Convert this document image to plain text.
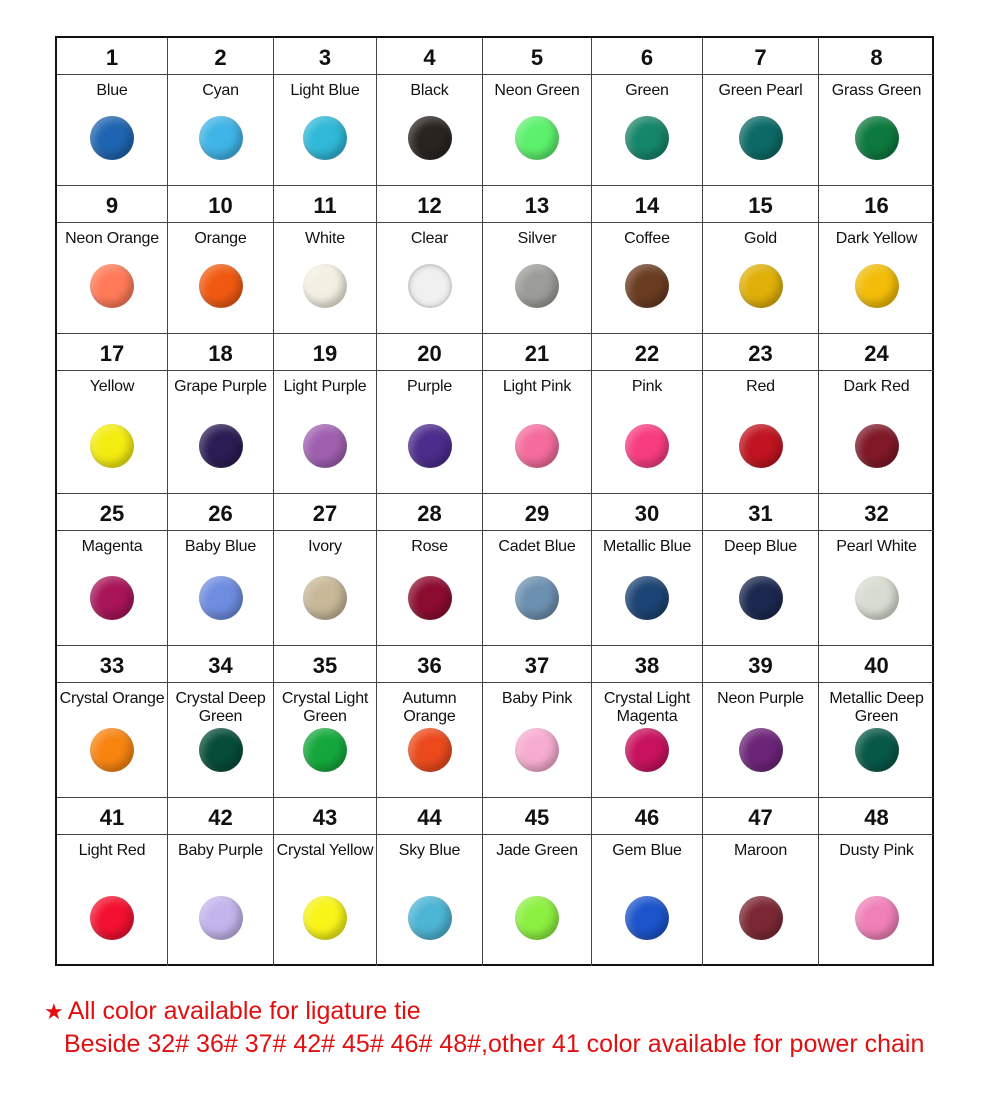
1
Blue
2
Cyan
3
Light Blue
4
Black
5
Neon Green
6
Green
7
Green Pearl
8
Grass Green
9
Neon Orange
10
Orange
11
White
12
Clear
13
Silver
14
Coffee
15
Gold
16
Dark Yellow
17
Yellow
18
Grape Purple
19
Light Purple
20
Purple
21
Light Pink
22
Pink
23
Red
24
Dark Red
25
Magenta
26
Baby Blue
27
Ivory
28
Rose
29
Cadet Blue
30
Metallic Blue
31
Deep Blue
32
Pearl White
33
Crystal Orange
34
Crystal Deep Green
35
Crystal Light Green
36
Autumn Orange
37
Baby Pink
38
Crystal Light Magenta
39
Neon Purple
40
Metallic Deep Green
41
Light Red
42
Baby Purple
43
Crystal Yellow
44
Sky Blue
45
Jade Green
46
Gem Blue
47
Maroon
48
Dusty Pink
★ All color available for ligature tie
Beside 32# 36# 37# 42# 45# 46# 48#,other 41 color available for power chain
